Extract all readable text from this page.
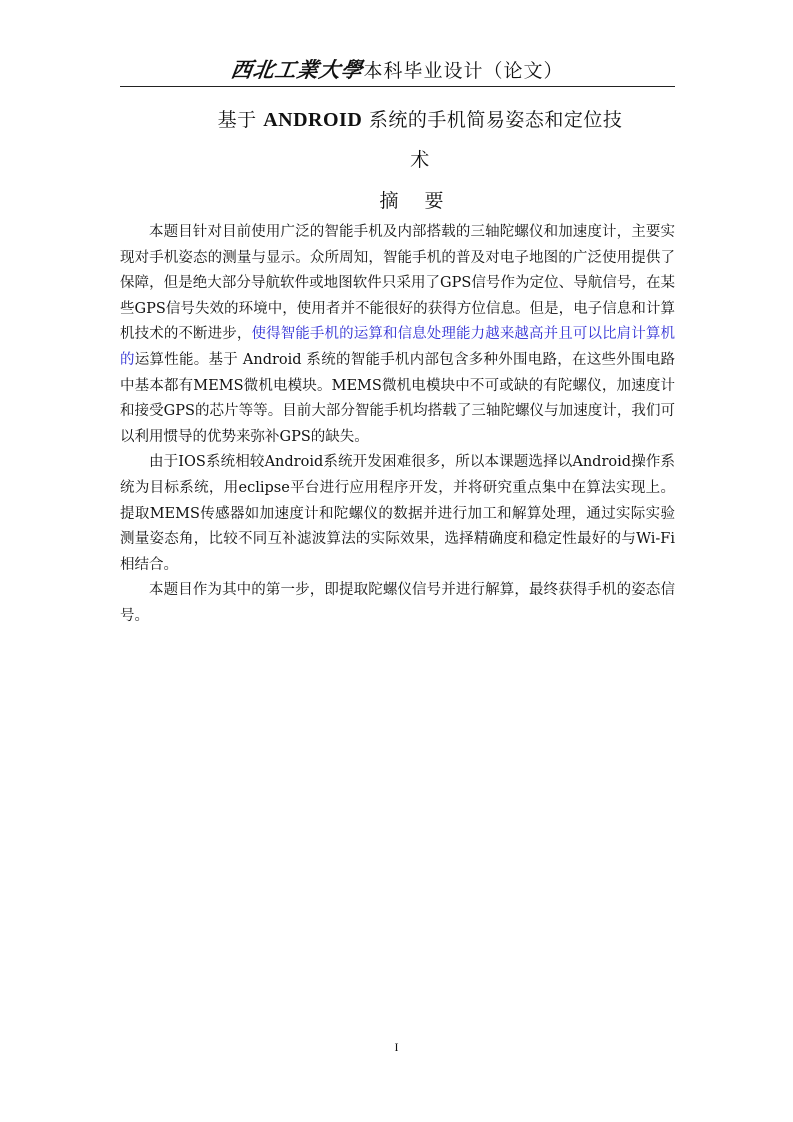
西北工業大學本科毕业设计（论文）
基于 ANDROID 系统的手机简易姿态和定位技
术
摘 要

本题目针对目前使用广泛的智能手机及内部搭载的三轴陀螺仪和加速度计，主要实现对手机姿态的测量与显示。众所周知，智能手机的普及对电子地图的广泛使用提供了保障，但是绝大部分导航软件或地图软件只采用了GPS信号作为定位、导航信号，在某些GPS信号失效的环境中，使用者并不能很好的获得方位信息。但是，电子信息和计算机技术的不断进步，使得智能手机的运算和信息处理能力越来越高并且可以比肩计算机的运算性能。基于 Android 系统的智能手机内部包含多种外围电路，在这些外围电路中基本都有MEMS微机电模块。MEMS微机电模块中不可或缺的有陀螺仪，加速度计和接受GPS的芯片等等。目前大部分智能手机均搭载了三轴陀螺仪与加速度计，我们可以利用惯导的优势来弥补GPS的缺失。

由于IOS系统相较Android系统开发困难很多，所以本课题选择以Android操作系统为目标系统，用eclipse平台进行应用程序开发，并将研究重点集中在算法实现上。提取MEMS传感器如加速度计和陀螺仪的数据并进行加工和解算处理，通过实际实验测量姿态角，比较不同互补滤波算法的实际效果，选择精确度和稳定性最好的与Wi-Fi相结合。

本题目作为其中的第一步，即提取陀螺仪信号并进行解算，最终获得手机的姿态信号。

I
